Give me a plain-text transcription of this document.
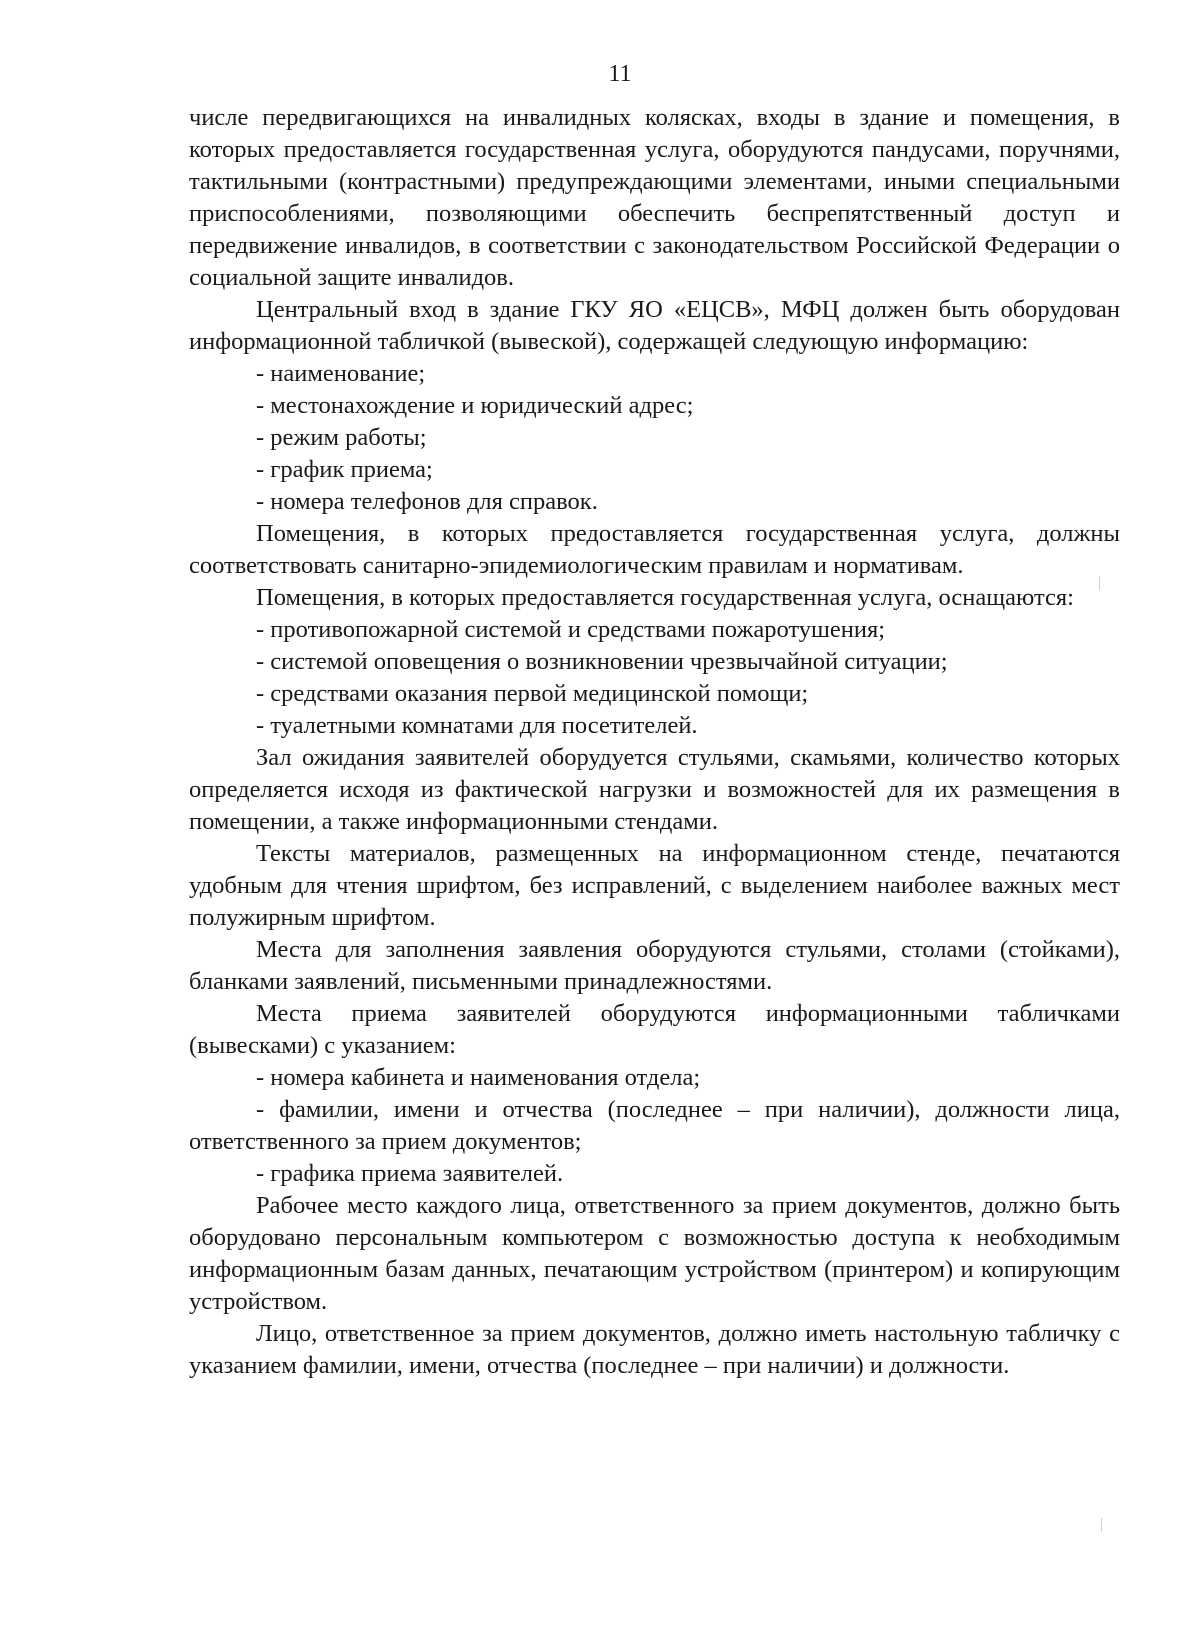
11

числе передвигающихся на инвалидных колясках, входы в здание и помещения, в которых предоставляется государственная услуга, оборудуются пандусами, поручнями, тактильными (контрастными) предупреждающими элементами, иными специальными приспособлениями, позволяющими обеспечить беспрепятственный доступ и передвижение инвалидов, в соответствии с законодательством Российской Федерации о социальной защите инвалидов.

Центральный вход в здание ГКУ ЯО «ЕЦСВ», МФЦ должен быть оборудован информационной табличкой (вывеской), содержащей следующую информацию:

- наименование;

- местонахождение и юридический адрес;

- режим работы;

- график приема;

- номера телефонов для справок.

Помещения, в которых предоставляется государственная услуга, должны соответствовать санитарно-эпидемиологическим правилам и нормативам.

Помещения, в которых предоставляется государственная услуга, оснащаются:

- противопожарной системой и средствами пожаротушения;

- системой оповещения о возникновении чрезвычайной ситуации;

- средствами оказания первой медицинской помощи;

- туалетными комнатами для посетителей.

Зал ожидания заявителей оборудуется стульями, скамьями, количество которых определяется исходя из фактической нагрузки и возможностей для их размещения в помещении, а также информационными стендами.

Тексты материалов, размещенных на информационном стенде, печатаются удобным для чтения шрифтом, без исправлений, с выделением наиболее важных мест полужирным шрифтом.

Места для заполнения заявления оборудуются стульями, столами (стойками), бланками заявлений, письменными принадлежностями.

Места приема заявителей оборудуются информационными табличками (вывесками) с указанием:

- номера кабинета и наименования отдела;

- фамилии, имени и отчества (последнее – при наличии), должности лица, ответственного за прием документов;

- графика приема заявителей.

Рабочее место каждого лица, ответственного за прием документов, должно быть оборудовано персональным компьютером с возможностью доступа к необходимым информационным базам данных, печатающим устройством (принтером) и копирующим устройством.

Лицо, ответственное за прием документов, должно иметь настольную табличку с указанием фамилии, имени, отчества (последнее – при наличии) и должности.
